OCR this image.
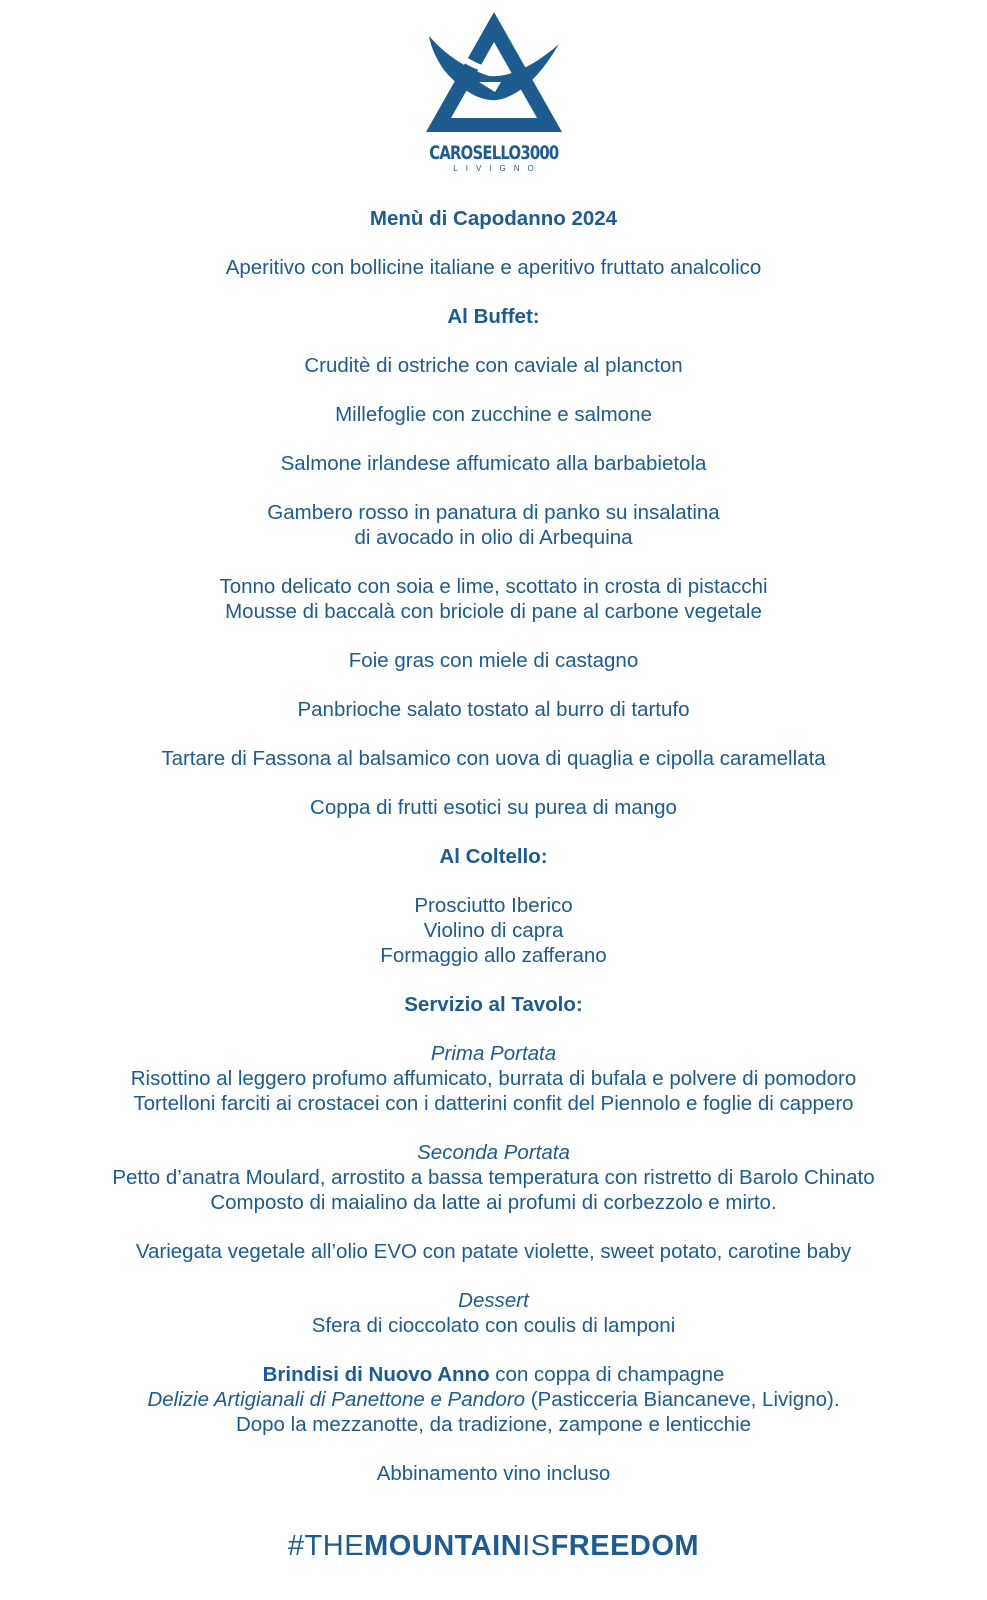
CAROSELLO3000
LIVIGNO

Menù di Capodanno 2024

Aperitivo con bollicine italiane e aperitivo fruttato analcolico

Al Buffet:

Cruditè di ostriche con caviale al plancton

Millefoglie con zucchine e salmone

Salmone irlandese affumicato alla barbabietola

Gambero rosso in panatura di panko su insalatina
di avocado in olio di Arbequina

Tonno delicato con soia e lime, scottato in crosta di pistacchi
Mousse di baccalà con briciole di pane al carbone vegetale

Foie gras con miele di castagno

Panbrioche salato tostato al burro di tartufo

Tartare di Fassona al balsamico con uova di quaglia e cipolla caramellata

Coppa di frutti esotici su purea di mango

Al Coltello:

Prosciutto Iberico
Violino di capra
Formaggio allo zafferano

Servizio al Tavolo:

Prima Portata
Risottino al leggero profumo affumicato, burrata di bufala e polvere di pomodoro
Tortelloni farciti ai crostacei con i datterini confit del Piennolo e foglie di cappero

Seconda Portata
Petto d’anatra Moulard, arrostito a bassa temperatura con ristretto di Barolo Chinato
Composto di maialino da latte ai profumi di corbezzolo e mirto.

Variegata vegetale all’olio EVO con patate violette, sweet potato, carotine baby

Dessert
Sfera di cioccolato con coulis di lamponi

Brindisi di Nuovo Anno con coppa di champagne
Delizie Artigianali di Panettone e Pandoro (Pasticceria Biancaneve, Livigno).
Dopo la mezzanotte, da tradizione, zampone e lenticchie

Abbinamento vino incluso

#THEMOUNTAINISFREEDOM
